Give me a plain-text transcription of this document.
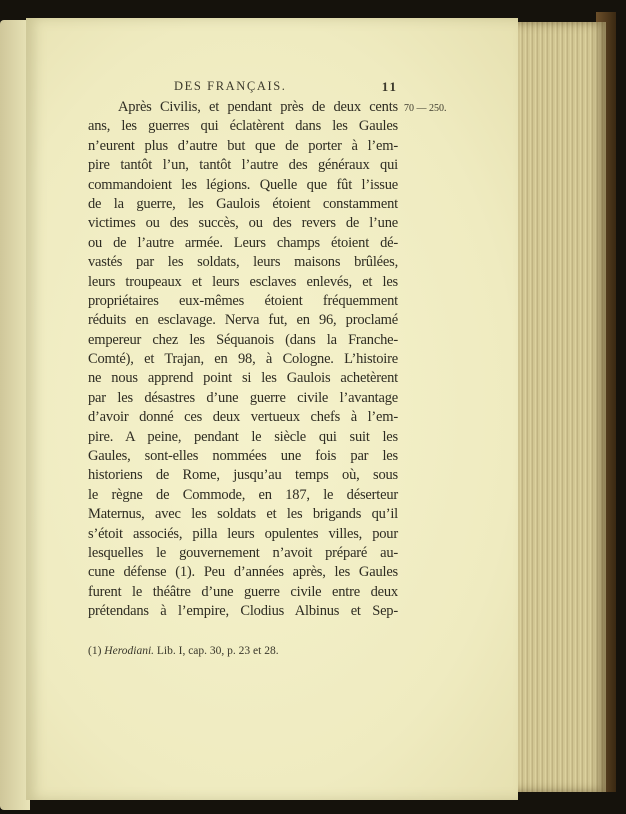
DES FRANÇAIS.	11
70 — 250.
Après Civilis, et pendant près de deux cents
ans, les guerres qui éclatèrent dans les Gaules
n’eurent plus d’autre but que de porter à l’em-
pire tantôt l’un, tantôt l’autre des généraux qui
commandoient les légions. Quelle que fût l’issue
de la guerre, les Gaulois étoient constamment
victimes ou des succès, ou des revers de l’une
ou de l’autre armée. Leurs champs étoient dé-
vastés par les soldats, leurs maisons brûlées,
leurs troupeaux et leurs esclaves enlevés, et les
propriétaires eux-mêmes étoient fréquemment
réduits en esclavage. Nerva fut, en 96, proclamé
empereur chez les Séquanois (dans la Franche-
Comté), et Trajan, en 98, à Cologne. L’histoire
ne nous apprend point si les Gaulois achetèrent
par les désastres d’une guerre civile l’avantage
d’avoir donné ces deux vertueux chefs à l’em-
pire. A peine, pendant le siècle qui suit les
Gaules, sont-elles nommées une fois par les
historiens de Rome, jusqu’au temps où, sous
le règne de Commode, en 187, le déserteur
Maternus, avec les soldats et les brigands qu’il
s’étoit associés, pilla leurs opulentes villes, pour
lesquelles le gouvernement n’avoit préparé au-
cune défense (1). Peu d’années après, les Gaules
furent le théâtre d’une guerre civile entre deux
prétendans à l’empire, Clodius Albinus et Sep-
(1) Herodiani. Lib. I, cap. 30, p. 23 et 28.
